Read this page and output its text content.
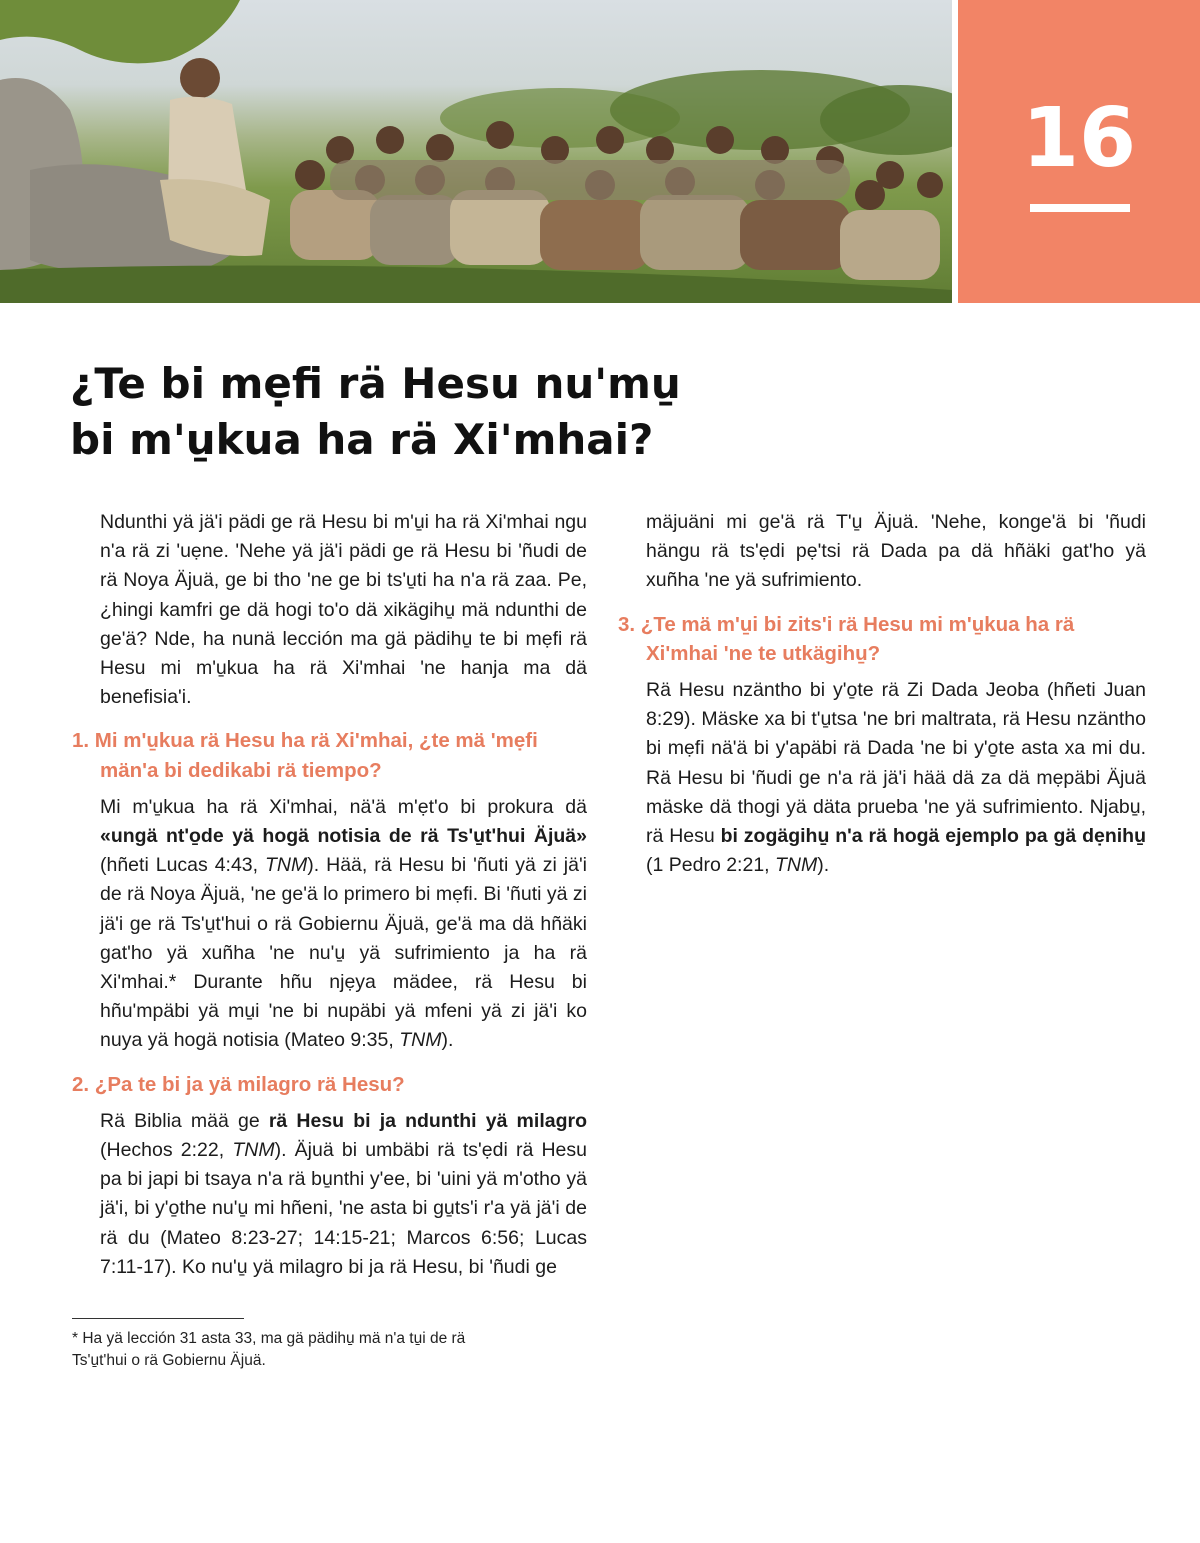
16
¿Te bi mẹfi rä Hesu nu'mu̱
bi m'u̱kua ha rä Xi'mhai?

Ndunthi yä jä'i pädi ge rä Hesu bi m'u̱i ha rä Xi'mhai ngu n'a rä zi 'uẹne. 'Nehe yä jä'i pädi ge rä Hesu bi 'ñudi de rä Noya Äjuä, ge bi tho 'ne ge bi ts'u̱ti ha n'a rä zaa. Pe, ¿hingi kamfri ge dä hogi to'o dä xikägihu̱ mä ndunthi de ge'ä? Nde, ha nunä lección ma gä pädihu̱ te bi mẹfi rä Hesu mi m'u̱kua ha rä Xi'mhai 'ne hanja ma dä benefisia'i.

1. Mi m'u̱kua rä Hesu ha rä Xi'mhai, ¿te mä 'mẹfi män'a bi dedikabi rä tiempo?

Mi m'u̱kua ha rä Xi'mhai, nä'ä m'ẹt'o bi prokura dä «ungä nt'o̱de yä hogä notisia de rä Ts'u̱t'hui Äjuä» (hñeti Lucas 4:43, TNM). Hää, rä Hesu bi 'ñuti yä zi jä'i de rä Noya Äjuä, 'ne ge'ä lo primero bi mẹfi. Bi 'ñuti yä zi jä'i ge rä Ts'u̱t'hui o rä Gobiernu Äjuä, ge'ä ma dä hñäki gat'ho yä xuñha 'ne nu'u̱ yä sufrimiento ja ha rä Xi'mhai.* Durante hñu njẹya mädee, rä Hesu bi hñu'mpäbi yä mu̱i 'ne bi nupäbi yä mfeni yä zi jä'i ko nuya yä hogä notisia (Mateo 9:35, TNM).

2. ¿Pa te bi ja yä milagro rä Hesu?

Rä Biblia mää ge rä Hesu bi ja ndunthi yä milagro (Hechos 2:22, TNM). Äjuä bi umbäbi rä ts'ẹdi rä Hesu pa bi japi bi tsaya n'a rä bu̱nthi y'ee, bi 'uini yä m'otho yä jä'i, bi y'o̱the nu'u̱ mi hñeni, 'ne asta bi gu̱ts'i r'a yä jä'i de rä du (Mateo 8:23-27; 14:15-21; Marcos 6:56; Lucas 7:11-17). Ko nu'u̱ yä milagro bi ja rä Hesu, bi 'ñudi ge

mäjuäni mi ge'ä rä T'u̱ Äjuä. 'Nehe, konge'ä bi 'ñudi hängu rä ts'ẹdi pẹ'tsi rä Dada pa dä hñäki gat'ho yä xuñha 'ne yä sufrimiento.

3. ¿Te mä m'u̱i bi zits'i rä Hesu mi m'u̱kua ha rä Xi'mhai 'ne te utkägihu̱?

Rä Hesu nzäntho bi y'o̱te rä Zi Dada Jeoba (hñeti Juan 8:29). Mäske xa bi t'u̱tsa 'ne bri maltrata, rä Hesu nzäntho bi mẹfi nä'ä bi y'apäbi rä Dada 'ne bi y'o̱te asta xa mi du. Rä Hesu bi 'ñudi ge n'a rä jä'i hää dä za dä mẹpäbi Äjuä mäske dä thogi yä däta prueba 'ne yä sufrimiento. Njabu̱, rä Hesu bi zogägihu̱ n'a rä hogä ejemplo pa gä dẹnihu̱ (1 Pedro 2:21, TNM).

* Ha yä lección 31 asta 33, ma gä pädihu̱ mä n'a tu̱i de rä
Ts'u̱t'hui o rä Gobiernu Äjuä.
